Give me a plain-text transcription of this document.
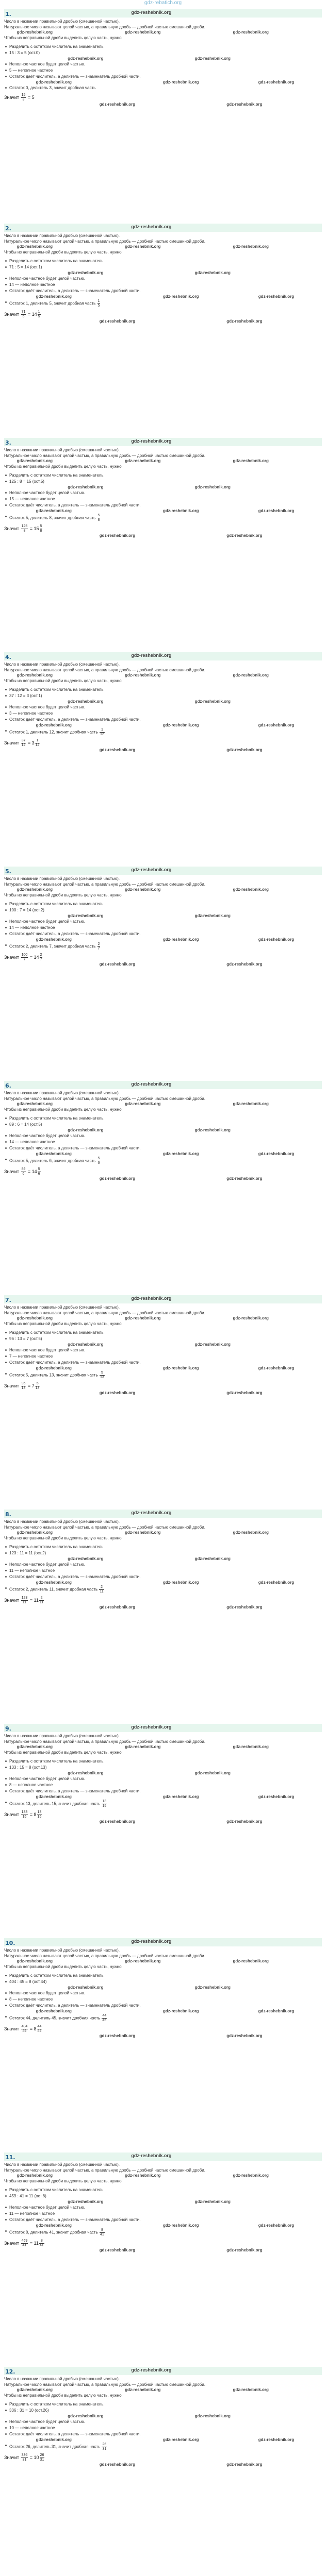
gdz-rebatich.org
1.	gdz-reshebnik.org
Число в названии правильной дробью (смешанной частью).
Натуральное число называют целой частью, а правильную дробь — дробной частью смешанной дроби.
gdz-reshebnik.org	gdz-reshebnik.org	gdz-reshebnik.org
Чтобы из неправильной дроби выделить целую часть, нужно:
Разделить с остатком числитель на знаменатель.
15 : 3 = 5 (ост.0)
gdz-reshebnik.org	gdz-reshebnik.org
Неполное частное будет целой частью.
5 — неполное частное
Остаток даёт числитель, а делитель — знаменатель дробной части.
gdz-reshebnik.org	gdz-reshebnik.org	gdz-reshebnik.org
Остаток 0, делитель 3, значит дробная часть
Значит $\frac{15}{3} = 5$
gdz-reshebnik.org	gdz-reshebnik.org
2.	gdz-reshebnik.org
Число в названии правильной дробью (смешанной частью).
Натуральное число называют целой частью, а правильную дробь — дробной частью смешанной дроби.
gdz-reshebnik.org	gdz-reshebnik.org	gdz-reshebnik.org
Чтобы из неправильной дроби выделить целую часть, нужно:
Разделить с остатком числитель на знаменатель.
71 : 5 = 14 (ост.1)
gdz-reshebnik.org	gdz-reshebnik.org
Неполное частное будет целой частью.
14 — неполное частное
Остаток даёт числитель, а делитель — знаменатель дробной части.
gdz-reshebnik.org	gdz-reshebnik.org	gdz-reshebnik.org
Остаток 1, делитель 5, значит дробная часть $\frac{1}{5}$
Значит $\frac{71}{5} = 14 \frac{1}{5}$
gdz-reshebnik.org	gdz-reshebnik.org
3.	gdz-reshebnik.org
Число в названии правильной дробью (смешанной частью).
Натуральное число называют целой частью, а правильную дробь — дробной частью смешанной дроби.
gdz-reshebnik.org	gdz-reshebnik.org	gdz-reshebnik.org
Чтобы из неправильной дроби выделить целую часть, нужно:
Разделить с остатком числитель на знаменатель.
125 : 8 = 15 (ост.5)
gdz-reshebnik.org	gdz-reshebnik.org
Неполное частное будет целой частью.
15 — неполное частное
Остаток даёт числитель, а делитель — знаменатель дробной части.
gdz-reshebnik.org	gdz-reshebnik.org	gdz-reshebnik.org
Остаток 5, делитель 8, значит дробная часть $\frac{5}{8}$
Значит $\frac{125}{8} = 15 \frac{5}{8}$
gdz-reshebnik.org	gdz-reshebnik.org
4.	gdz-reshebnik.org
Число в названии правильной дробью (смешанной частью).
Натуральное число называют целой частью, а правильную дробь — дробной частью смешанной дроби.
gdz-reshebnik.org	gdz-reshebnik.org	gdz-reshebnik.org
Чтобы из неправильной дроби выделить целую часть, нужно:
Разделить с остатком числитель на знаменатель.
37 : 12 = 3 (ост.1)
gdz-reshebnik.org	gdz-reshebnik.org
Неполное частное будет целой частью.
3 — неполное частное
Остаток даёт числитель, а делитель — знаменатель дробной части.
gdz-reshebnik.org	gdz-reshebnik.org	gdz-reshebnik.org
Остаток 1, делитель 12, значит дробная часть $\frac{1}{12}$
Значит $\frac{37}{12} = 3 \frac{1}{12}$
gdz-reshebnik.org	gdz-reshebnik.org
5.	gdz-reshebnik.org
Число в названии правильной дробью (смешанной частью).
Натуральное число называют целой частью, а правильную дробь — дробной частью смешанной дроби.
gdz-reshebnik.org	gdz-reshebnik.org	gdz-reshebnik.org
Чтобы из неправильной дроби выделить целую часть, нужно:
Разделить с остатком числитель на знаменатель.
100 : 7 = 14 (ост.2)
gdz-reshebnik.org	gdz-reshebnik.org
Неполное частное будет целой частью.
14 — неполное частное
Остаток даёт числитель, а делитель — знаменатель дробной части.
gdz-reshebnik.org	gdz-reshebnik.org	gdz-reshebnik.org
Остаток 2, делитель 7, значит дробная часть $\frac{2}{7}$
Значит $\frac{100}{7} = 14 \frac{2}{7}$
gdz-reshebnik.org	gdz-reshebnik.org
6.	gdz-reshebnik.org
Число в названии правильной дробью (смешанной частью).
Натуральное число называют целой частью, а правильную дробь — дробной частью смешанной дроби.
gdz-reshebnik.org	gdz-reshebnik.org	gdz-reshebnik.org
Чтобы из неправильной дроби выделить целую часть, нужно:
Разделить с остатком числитель на знаменатель.
89 : 6 = 14 (ост.5)
gdz-reshebnik.org	gdz-reshebnik.org
Неполное частное будет целой частью.
14 — неполное частное
Остаток даёт числитель, а делитель — знаменатель дробной части.
gdz-reshebnik.org	gdz-reshebnik.org	gdz-reshebnik.org
Остаток 5, делитель 6, значит дробная часть $\frac{5}{6}$
Значит $\frac{89}{6} = 14 \frac{5}{6}$
gdz-reshebnik.org	gdz-reshebnik.org
7.	gdz-reshebnik.org
Число в названии правильной дробью (смешанной частью).
Натуральное число называют целой частью, а правильную дробь — дробной частью смешанной дроби.
gdz-reshebnik.org	gdz-reshebnik.org	gdz-reshebnik.org
Чтобы из неправильной дроби выделить целую часть, нужно:
Разделить с остатком числитель на знаменатель.
96 : 13 = 7 (ост.5)
gdz-reshebnik.org	gdz-reshebnik.org
Неполное частное будет целой частью.
7 — неполное частное
Остаток даёт числитель, а делитель — знаменатель дробной части.
gdz-reshebnik.org	gdz-reshebnik.org	gdz-reshebnik.org
Остаток 5, делитель 13, значит дробная часть $\frac{5}{13}$
Значит $\frac{96}{13} = 7 \frac{5}{13}$
gdz-reshebnik.org	gdz-reshebnik.org
8.	gdz-reshebnik.org
Число в названии правильной дробью (смешанной частью).
Натуральное число называют целой частью, а правильную дробь — дробной частью смешанной дроби.
gdz-reshebnik.org	gdz-reshebnik.org	gdz-reshebnik.org
Чтобы из неправильной дроби выделить целую часть, нужно:
Разделить с остатком числитель на знаменатель.
123 : 11 = 11 (ост.2)
gdz-reshebnik.org	gdz-reshebnik.org
Неполное частное будет целой частью.
11 — неполное частное
Остаток даёт числитель, а делитель — знаменатель дробной части.
gdz-reshebnik.org	gdz-reshebnik.org	gdz-reshebnik.org
Остаток 2, делитель 11, значит дробная часть $\frac{2}{11}$
Значит $\frac{123}{11} = 11 \frac{2}{11}$
gdz-reshebnik.org	gdz-reshebnik.org
9.	gdz-reshebnik.org
Число в названии правильной дробью (смешанной частью).
Натуральное число называют целой частью, а правильную дробь — дробной частью смешанной дроби.
gdz-reshebnik.org	gdz-reshebnik.org	gdz-reshebnik.org
Чтобы из неправильной дроби выделить целую часть, нужно:
Разделить с остатком числитель на знаменатель.
133 : 15 = 8 (ост.13)
gdz-reshebnik.org	gdz-reshebnik.org
Неполное частное будет целой частью.
8 — неполное частное
Остаток даёт числитель, а делитель — знаменатель дробной части.
gdz-reshebnik.org	gdz-reshebnik.org	gdz-reshebnik.org
Остаток 13, делитель 15, значит дробная часть $\frac{13}{15}$
Значит $\frac{133}{15} = 8 \frac{13}{15}$
gdz-reshebnik.org	gdz-reshebnik.org
10.	gdz-reshebnik.org
Число в названии правильной дробью (смешанной частью).
Натуральное число называют целой частью, а правильную дробь — дробной частью смешанной дроби.
gdz-reshebnik.org	gdz-reshebnik.org	gdz-reshebnik.org
Чтобы из неправильной дроби выделить целую часть, нужно:
Разделить с остатком числитель на знаменатель.
404 : 45 = 8 (ост.44)
gdz-reshebnik.org	gdz-reshebnik.org
Неполное частное будет целой частью.
8 — неполное частное
Остаток даёт числитель, а делитель — знаменатель дробной части.
gdz-reshebnik.org	gdz-reshebnik.org	gdz-reshebnik.org
Остаток 44, делитель 45, значит дробная часть $\frac{44}{45}$
Значит $\frac{404}{45} = 8 \frac{44}{45}$
gdz-reshebnik.org	gdz-reshebnik.org
11.	gdz-reshebnik.org
Число в названии правильной дробью (смешанной частью).
Натуральное число называют целой частью, а правильную дробь — дробной частью смешанной дроби.
gdz-reshebnik.org	gdz-reshebnik.org	gdz-reshebnik.org
Чтобы из неправильной дроби выделить целую часть, нужно:
Разделить с остатком числитель на знаменатель.
459 : 41 = 11 (ост.8)
gdz-reshebnik.org	gdz-reshebnik.org
Неполное частное будет целой частью.
11 — неполное частное
Остаток даёт числитель, а делитель — знаменатель дробной части.
gdz-reshebnik.org	gdz-reshebnik.org	gdz-reshebnik.org
Остаток 8, делитель 41, значит дробная часть $\frac{8}{41}$
Значит $\frac{459}{41} = 11 \frac{8}{41}$
gdz-reshebnik.org	gdz-reshebnik.org
12.	gdz-reshebnik.org
Число в названии правильной дробью (смешанной частью).
Натуральное число называют целой частью, а правильную дробь — дробной частью смешанной дроби.
gdz-reshebnik.org	gdz-reshebnik.org	gdz-reshebnik.org
Чтобы из неправильной дроби выделить целую часть, нужно:
Разделить с остатком числитель на знаменатель.
336 : 31 = 10 (ост.26)
gdz-reshebnik.org	gdz-reshebnik.org
Неполное частное будет целой частью.
10 — неполное частное
Остаток даёт числитель, а делитель — знаменатель дробной части.
gdz-reshebnik.org	gdz-reshebnik.org	gdz-reshebnik.org
Остаток 26, делитель 31, значит дробная часть $\frac{26}{31}$
Значит $\frac{336}{31} = 10 \frac{26}{31}$
gdz-reshebnik.org	gdz-reshebnik.org
